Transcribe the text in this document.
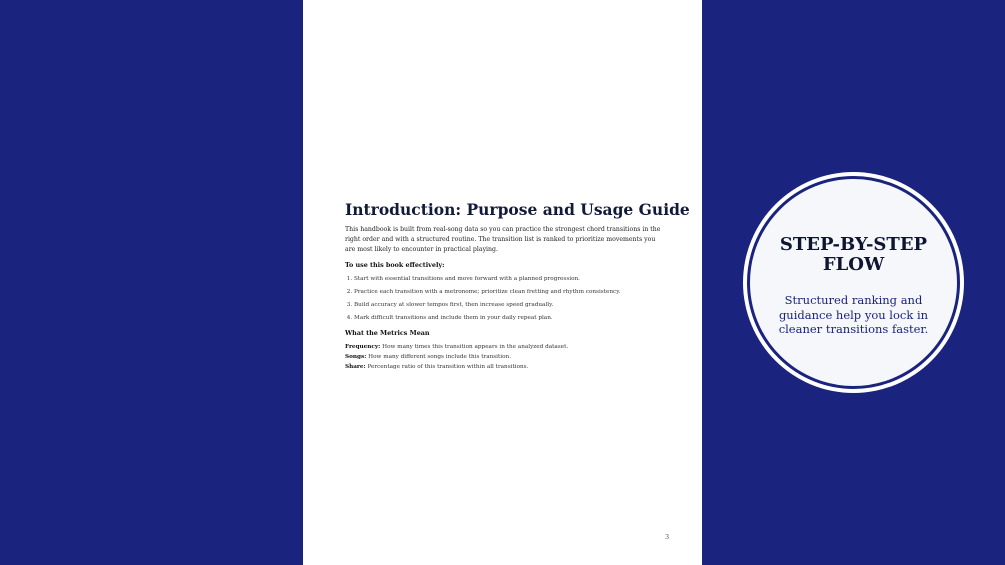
Introduction: Purpose and Usage Guide

This handbook is built from real-song data so you can practice the strongest chord transitions in the right order and with a structured routine. The transition list is ranked to prioritize movements you are most likely to encounter in practical playing.

To use this book effectively:

1. Start with essential transitions and move forward with a planned progression.
2. Practice each transition with a metronome; prioritize clean fretting and rhythm consistency.
3. Build accuracy at slower tempos first, then increase speed gradually.
4. Mark difficult transitions and include them in your daily repeat plan.

What the Metrics Mean

Frequency: How many times this transition appears in the analyzed dataset.

Songs: How many different songs include this transition.

Share: Percentage ratio of this transition within all transitions.

3
STEP-BY-STEP FLOW

Structured ranking and guidance help you lock in cleaner transitions faster.
